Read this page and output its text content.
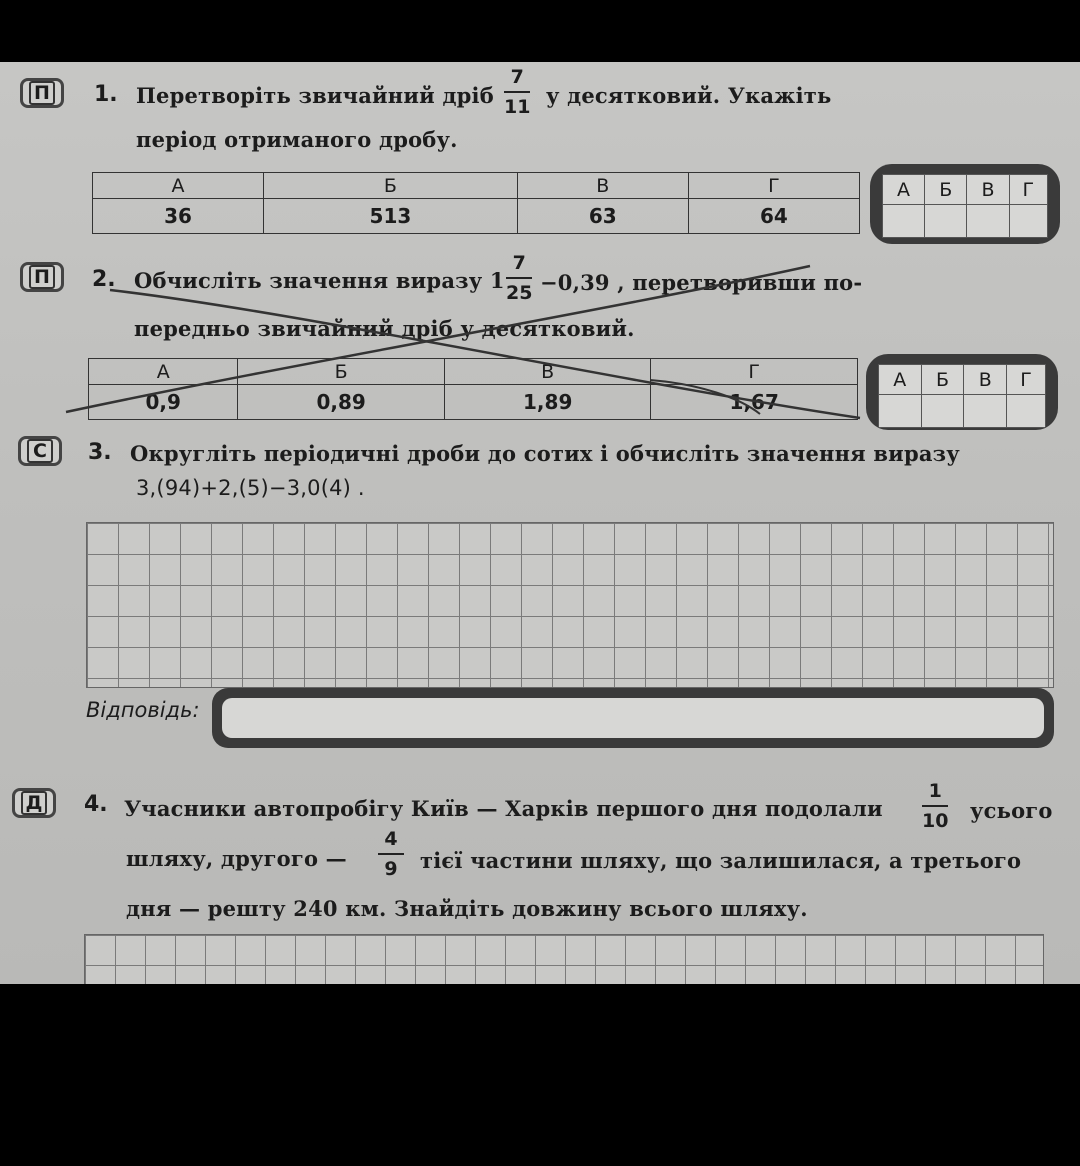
П 1. Перетворіть звичайний дріб
7
11 у десятковий. Укажіть
період отриманого дробу.
А	Б	В	Г
36	513	63	64
А	Б	В	Г

П 2. Обчисліть значення виразу 1
7
25 −0,39 , перетворивши по-
передньо звичайний дріб у десятковий.
А	Б	В	Г
0,9	0,89	1,89	1,67
А	Б	В	Г

С 3. Округліть періодичні дроби до сотих і обчисліть значення виразу
3,(94)+2,(5)−3,0(4) .
Відповідь:
Д 4. Учасники автопробігу Київ — Харків першого дня подолали
1
10 усього
шляху, другого —
4
9 тієї частини шляху, що залишилася, а третього
дня — решту 240 км. Знайдіть довжину всього шляху.
